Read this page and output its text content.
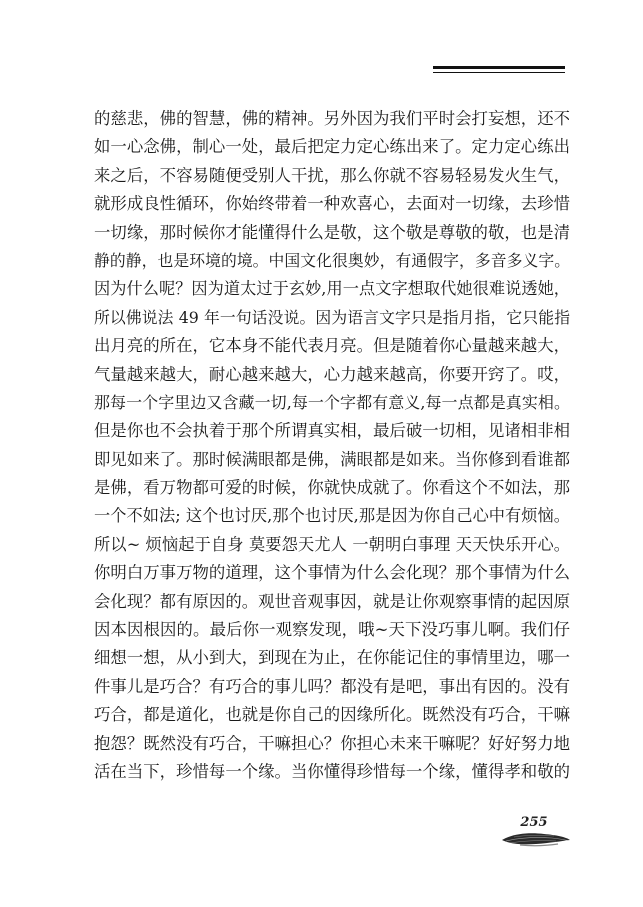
的慈悲，佛的智慧，佛的精神。另外因为我们平时会打妄想，还不
如一心念佛，制心一处，最后把定力定心练出来了。定力定心练出
来之后，不容易随便受别人干扰，那么你就不容易轻易发火生气，
就形成良性循环，你始终带着一种欢喜心，去面对一切缘，去珍惜
一切缘，那时候你才能懂得什么是敬，这个敬是尊敬的敬，也是清
静的静，也是环境的境。中国文化很奥妙，有通假字，多音多义字。
因为什么呢？因为道太过于玄妙,用一点文字想取代她很难说透她，
所以佛说法 49 年一句话没说。因为语言文字只是指月指，它只能指
出月亮的所在，它本身不能代表月亮。但是随着你心量越来越大，
气量越来越大，耐心越来越大，心力越来越高，你要开窍了。哎，
那每一个字里边又含藏一切,每一个字都有意义,每一点都是真实相。
但是你也不会执着于那个所谓真实相，最后破一切相，见诸相非相
即见如来了。那时候满眼都是佛，满眼都是如来。当你修到看谁都
是佛，看万物都可爱的时候，你就快成就了。你看这个不如法，那
一个不如法; 这个也讨厌,那个也讨厌,那是因为你自己心中有烦恼。
所以~ 烦恼起于自身 莫要怨天尤人 一朝明白事理 天天快乐开心。
你明白万事万物的道理，这个事情为什么会化现？那个事情为什么
会化现？都有原因的。观世音观事因，就是让你观察事情的起因原
因本因根因的。最后你一观察发现，哦~天下没巧事儿啊。我们仔
细想一想，从小到大，到现在为止，在你能记住的事情里边，哪一
件事儿是巧合？有巧合的事儿吗？都没有是吧，事出有因的。没有
巧合，都是道化，也就是你自己的因缘所化。既然没有巧合，干嘛
抱怨？既然没有巧合，干嘛担心？你担心未来干嘛呢？好好努力地
活在当下，珍惜每一个缘。当你懂得珍惜每一个缘，懂得孝和敬的
255
